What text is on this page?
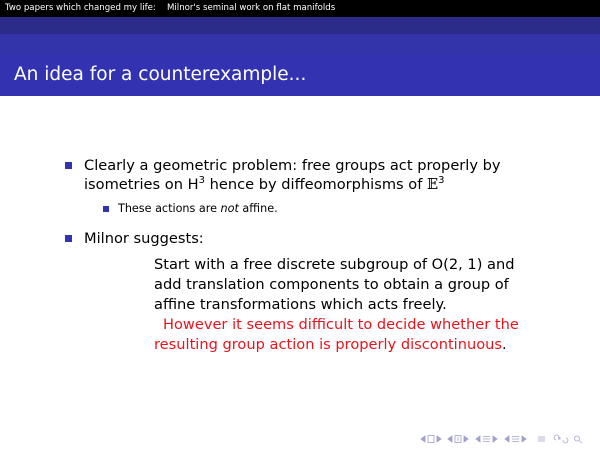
Two papers which changed my life: Milnor's seminal work on flat manifolds
An idea for a counterexample...
Clearly a geometric problem: free groups act properly by
isometries on $H^3$ hence by diffeomorphisms of 𝔼$^3$
These actions are not affine.
Milnor suggests:
Start with a free discrete subgroup of O(2, 1) and
add translation components to obtain a group of
affine transformations which acts freely.
However it seems difficult to decide whether the
resulting group action is properly discontinuous.
